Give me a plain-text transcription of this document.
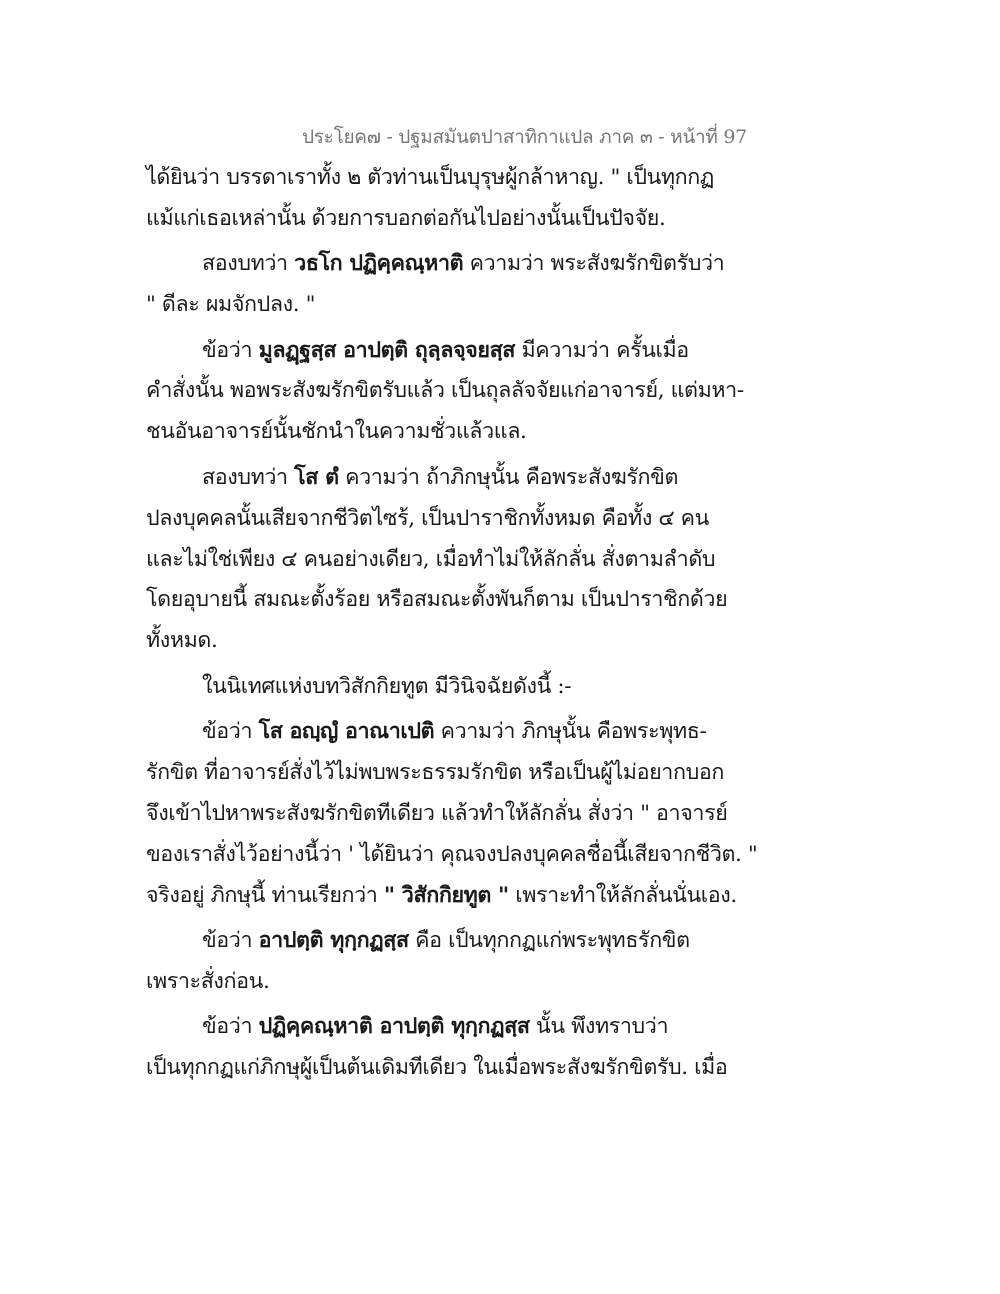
ประโยค๗ - ปฐมสมันตปาสาทิกาแปล ภาค ๓ - หน้าที่ 97
ได้ยินว่า บรรดาเราทั้ง ๒ ตัวท่านเป็นบุรุษผู้กล้าหาญ. " เป็นทุกกฏ
แม้แก่เธอเหล่านั้น ด้วยการบอกต่อกันไปอย่างนั้นเป็นปัจจัย.
สองบทว่า วธโก ปฏิคฺคณฺหาติ ความว่า พระสังฆรักขิตรับว่า
" ดีละ ผมจักปลง. "
ข้อว่า มูลฏฺฐสฺส อาปตฺติ ถุลฺลจฺจยสฺส มีความว่า ครั้นเมื่อ
คำสั่งนั้น พอพระสังฆรักขิตรับแล้ว เป็นถุลลัจจัยแก่อาจารย์, แต่มหา-
ชนอันอาจารย์นั้นชักนำในความชั่วแล้วแล.
สองบทว่า โส ตํ ความว่า ถ้าภิกษุนั้น คือพระสังฆรักขิต
ปลงบุคคลนั้นเสียจากชีวิตไซร้, เป็นปาราชิกทั้งหมด คือทั้ง ๔ คน
และไม่ใช่เพียง ๔ คนอย่างเดียว, เมื่อทำไม่ให้ลักลั่น สั่งตามลำดับ
โดยอุบายนี้ สมณะตั้งร้อย หรือสมณะตั้งพันก็ตาม เป็นปาราชิกด้วย
ทั้งหมด.
ในนิเทศแห่งบทวิสักกิยทูต มีวินิจฉัยดังนี้ :-
ข้อว่า โส อญฺญํ อาณาเปติ ความว่า ภิกษุนั้น คือพระพุทธ-
รักขิต ที่อาจารย์สั่งไว้ไม่พบพระธรรมรักขิต หรือเป็นผู้ไม่อยากบอก
จึงเข้าไปหาพระสังฆรักขิตทีเดียว แล้วทำให้ลักลั่น สั่งว่า " อาจารย์
ของเราสั่งไว้อย่างนี้ว่า ' ได้ยินว่า คุณจงปลงบุคคลชื่อนี้เสียจากชีวิต. "
จริงอยู่ ภิกษุนี้ ท่านเรียกว่า " วิสักกิยทูต " เพราะทำให้ลักลั่นนั่นเอง.
ข้อว่า อาปตฺติ ทุกฺกฏสฺส คือ เป็นทุกกฏแก่พระพุทธรักขิต
เพราะสั่งก่อน.
ข้อว่า ปฏิคฺคณฺหาติ อาปตฺติ ทุกฺกฏสฺส นั้น พึงทราบว่า
เป็นทุกกฏแก่ภิกษุผู้เป็นต้นเดิมทีเดียว ในเมื่อพระสังฆรักขิตรับ. เมื่อ
